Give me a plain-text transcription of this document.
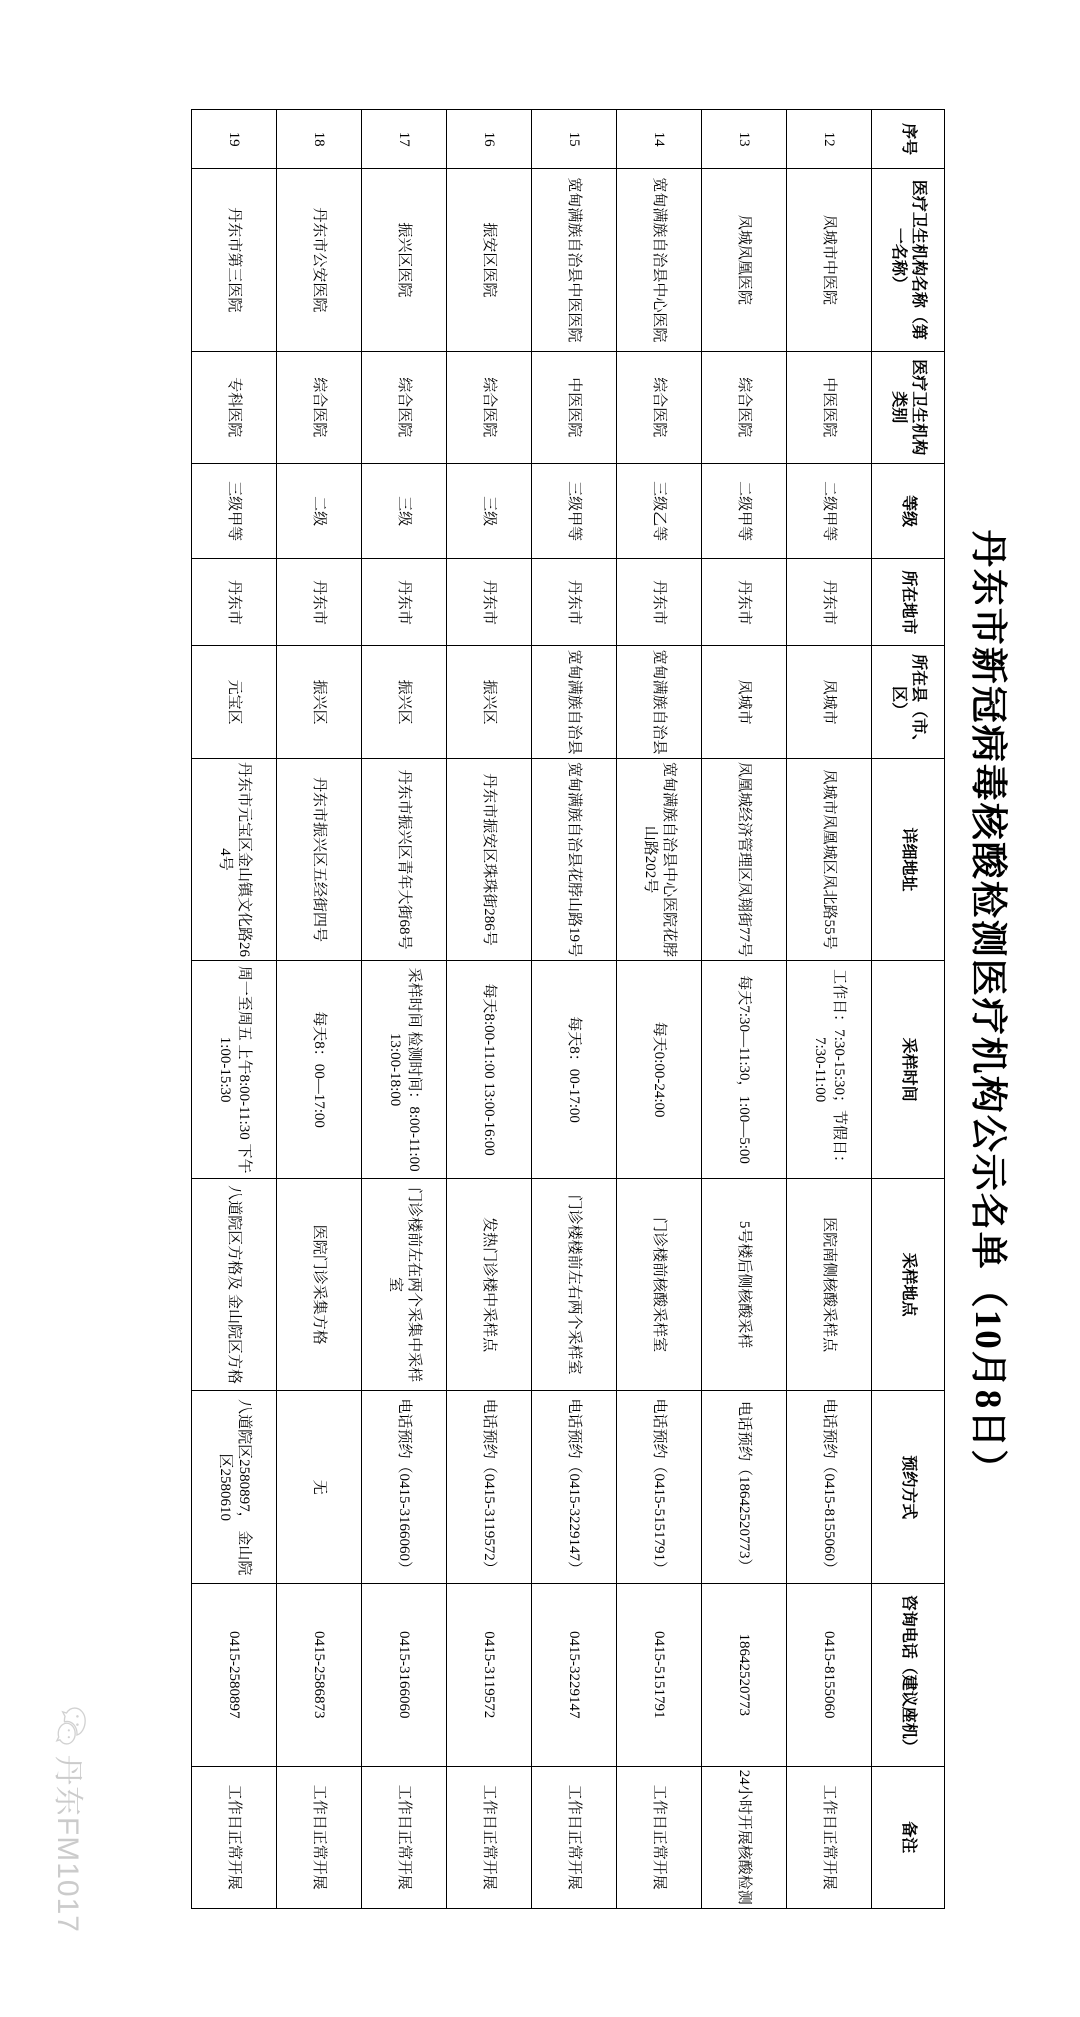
丹东市新冠病毒核酸检测医疗机构公示名单（10月8日）
序号	医疗卫生机构名称（第一名称）	医疗卫生机构类别	等级	所在地市	所在县（市、区）	详细地址	采样时间	采样地点	预约方式	咨询电话（建议座机）	备注
12	凤城市中医院	中医医院	二级甲等	丹东市	凤城市	凤城市凤凰城区凤北路55号	工作日：7:30-15:30；节假日：7:30-11:00	医院南侧核酸采样点	电话预约（0415-8155060）	0415-8155060	工作日正常开展
13	凤城凤凰医院	综合医院	二级甲等	丹东市	凤城市	凤凰城经济管理区凤翔街77号	每天7:30—11:30，1:00—5:00	5号楼后侧核酸采样	电话预约（18642520773）	18642520773	24小时开展核酸检测
14	宽甸满族自治县中心医院	综合医院	三级乙等	丹东市	宽甸满族自治县	宽甸满族自治县中心医院花脖山路202号	每天0:00-24:00	门诊楼前核酸采样室	电话预约（0415-5151791）	0415-5151791	工作日正常开展
15	宽甸满族自治县中医医院	中医医院	三级甲等	丹东市	宽甸满族自治县	宽甸满族自治县花脖山路19号	每天8：00-17:00	门诊楼楼前左右两个采样室	电话预约（0415-3229147）	0415-3229147	工作日正常开展
16	振安区医院	综合医院	三级	丹东市	振兴区	丹东市振安区珠珠街286号	每天8:00-11:00 13:00-16:00	发热门诊楼中采样点	电话预约（0415-3119572）	0415-3119572	工作日正常开展
17	振兴区医院	综合医院	三级	丹东市	振兴区	丹东市振兴区青年大街68号	采样时间 检测时间：8:00-11:00 13:00-18:00	门诊楼前左在两个采集中采样室	电话预约（0415-3166060）	0415-3166060	工作日正常开展
18	丹东市公安医院	综合医院	二级	丹东市	振兴区	丹东市振兴区五经街四号	每天8：00—17:00	医院门诊采集方格	无	0415-2586873	工作日正常开展
19	丹东市第三医院	专科医院	三级甲等	丹东市	元宝区	丹东市元宝区金山镇文化路264号	周一至周五 上午8:00-11:30 下午1:00-15:30	八道院区方格及 金山院区方格	八道院区2580897， 金山院区2580610	0415-2580897	工作日正常开展
丹东FM1017
